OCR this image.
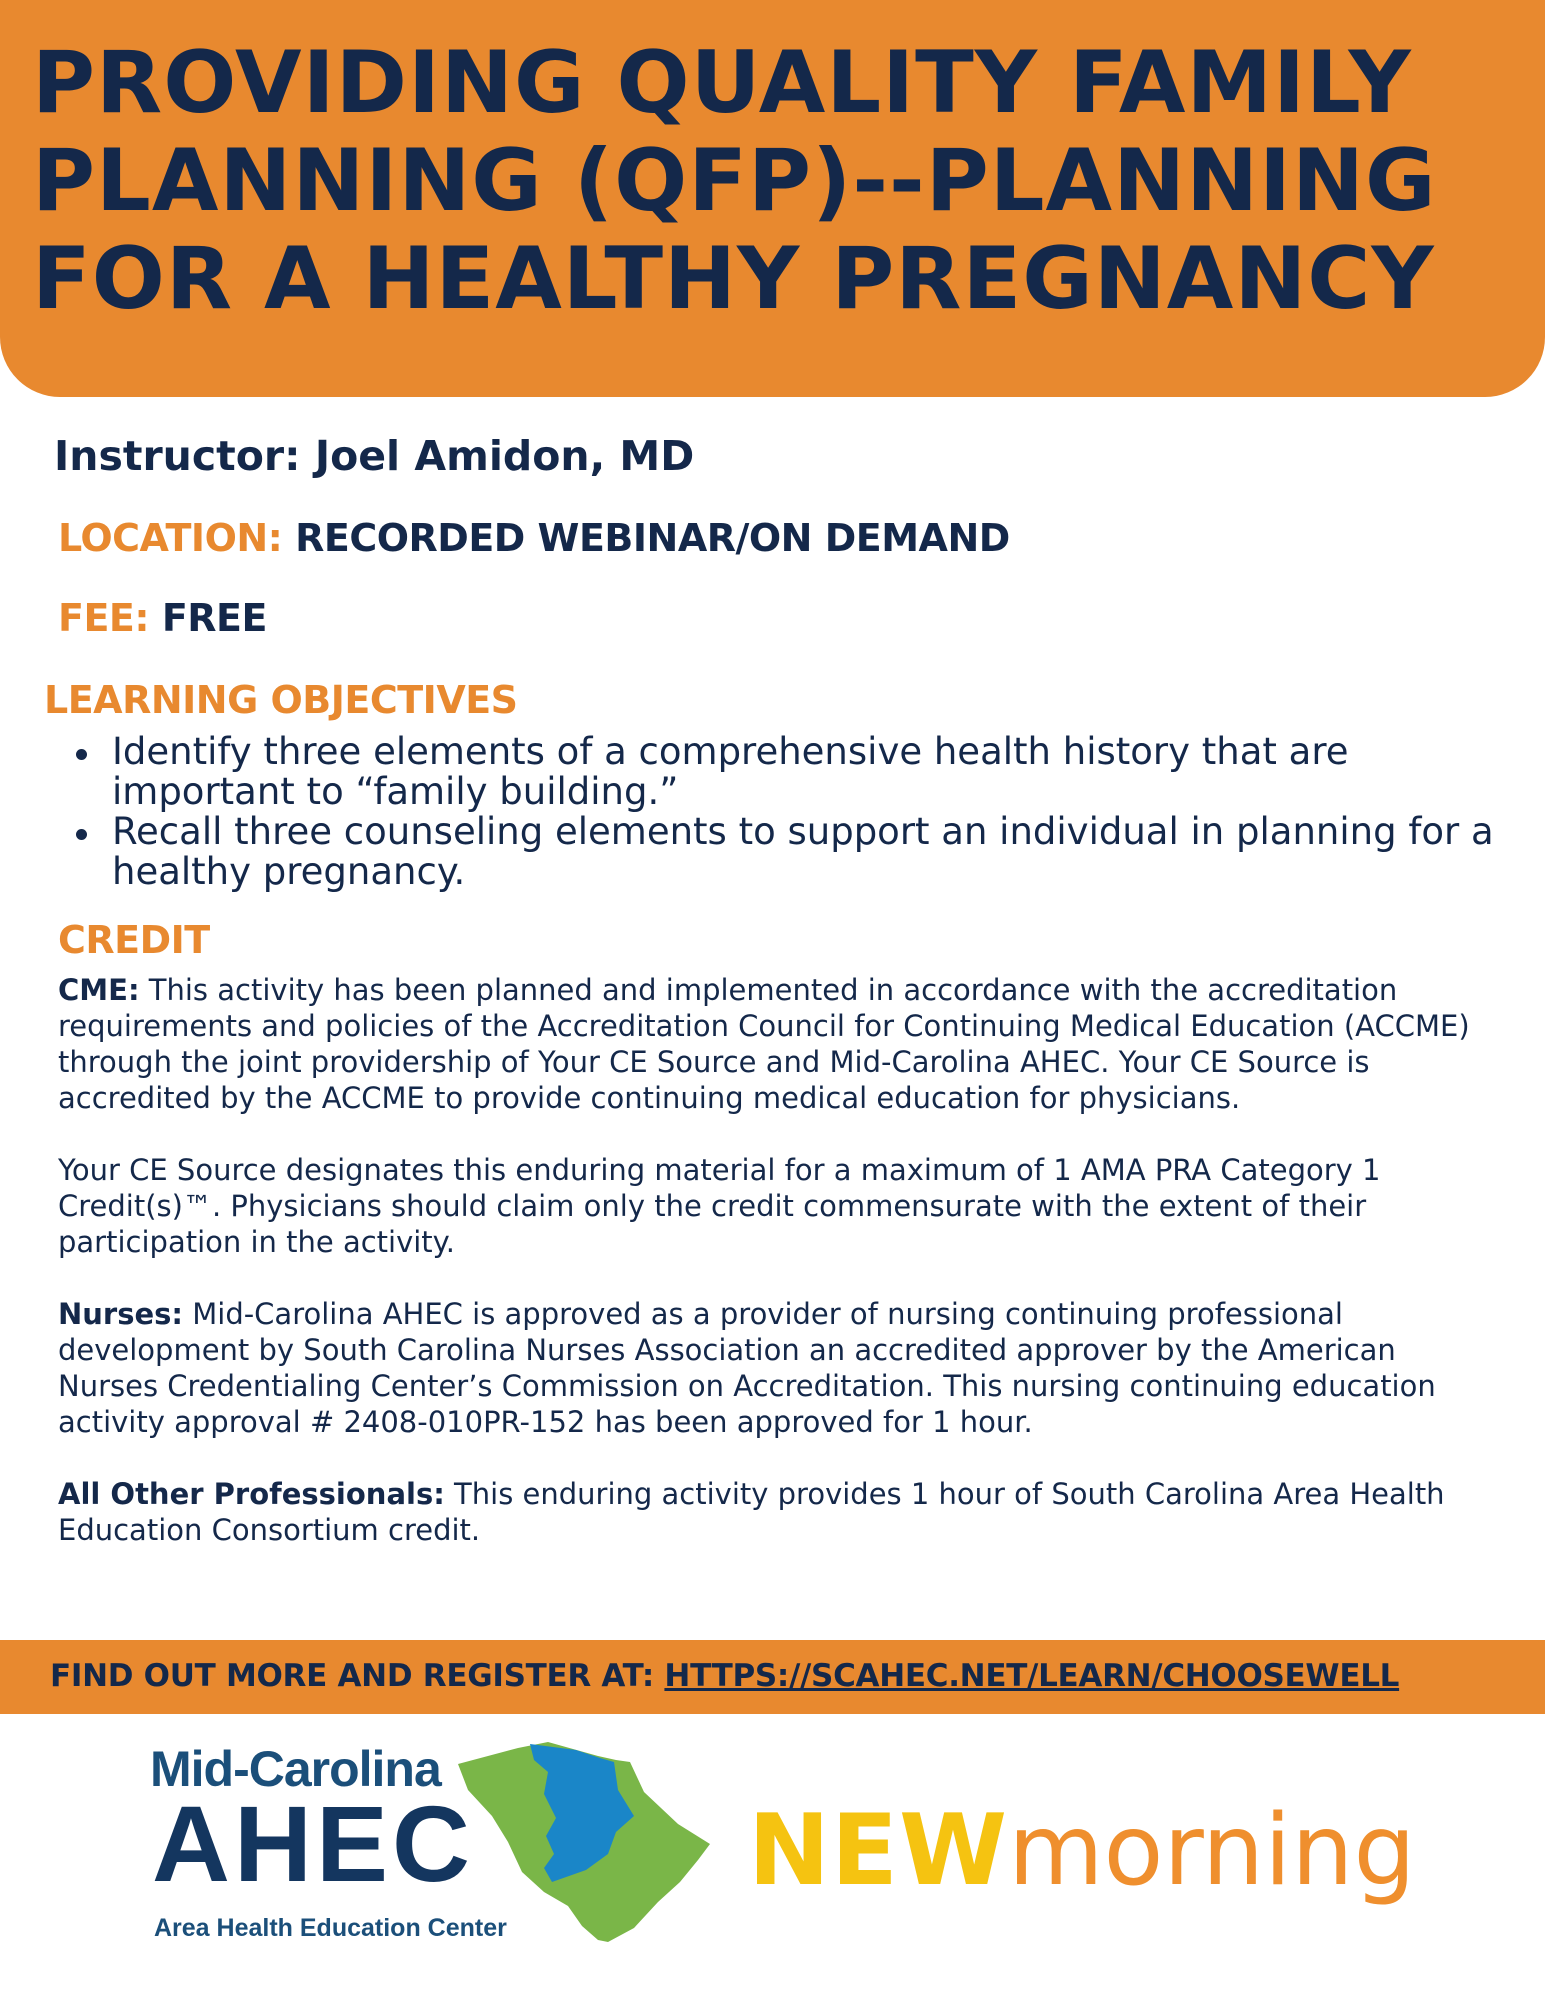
PROVIDING QUALITY FAMILY PLANNING (QFP)--PLANNING FOR A HEALTHY PREGNANCY
Instructor: Joel Amidon, MD
LOCATION: RECORDED WEBINAR/ON DEMAND
FEE: FREE
LEARNING OBJECTIVES
Identify three elements of a comprehensive health history that are important to “family building.”
Recall three counseling elements to support an individual in planning for a healthy pregnancy.
CREDIT

CME: This activity has been planned and implemented in accordance with the accreditation requirements and policies of the Accreditation Council for Continuing Medical Education (ACCME) through the joint providership of Your CE Source and Mid-Carolina AHEC. Your CE Source is accredited by the ACCME to provide continuing medical education for physicians.

Your CE Source designates this enduring material for a maximum of 1 AMA PRA Category 1 Credit(s)™. Physicians should claim only the credit commensurate with the extent of their participation in the activity.

Nurses: Mid-Carolina AHEC is approved as a provider of nursing continuing professional development by South Carolina Nurses Association an accredited approver by the American Nurses Credentialing Center’s Commission on Accreditation. This nursing continuing education activity approval # 2408-010PR-152 has been approved for 1 hour.

All Other Professionals: This enduring activity provides 1 hour of South Carolina Area Health Education Consortium credit.

FIND OUT MORE AND REGISTER AT: HTTPS://SCAHEC.NET/LEARN/CHOOSEWELL
Mid-Carolina
AHEC
Area Health Education Center
NEWmorning
